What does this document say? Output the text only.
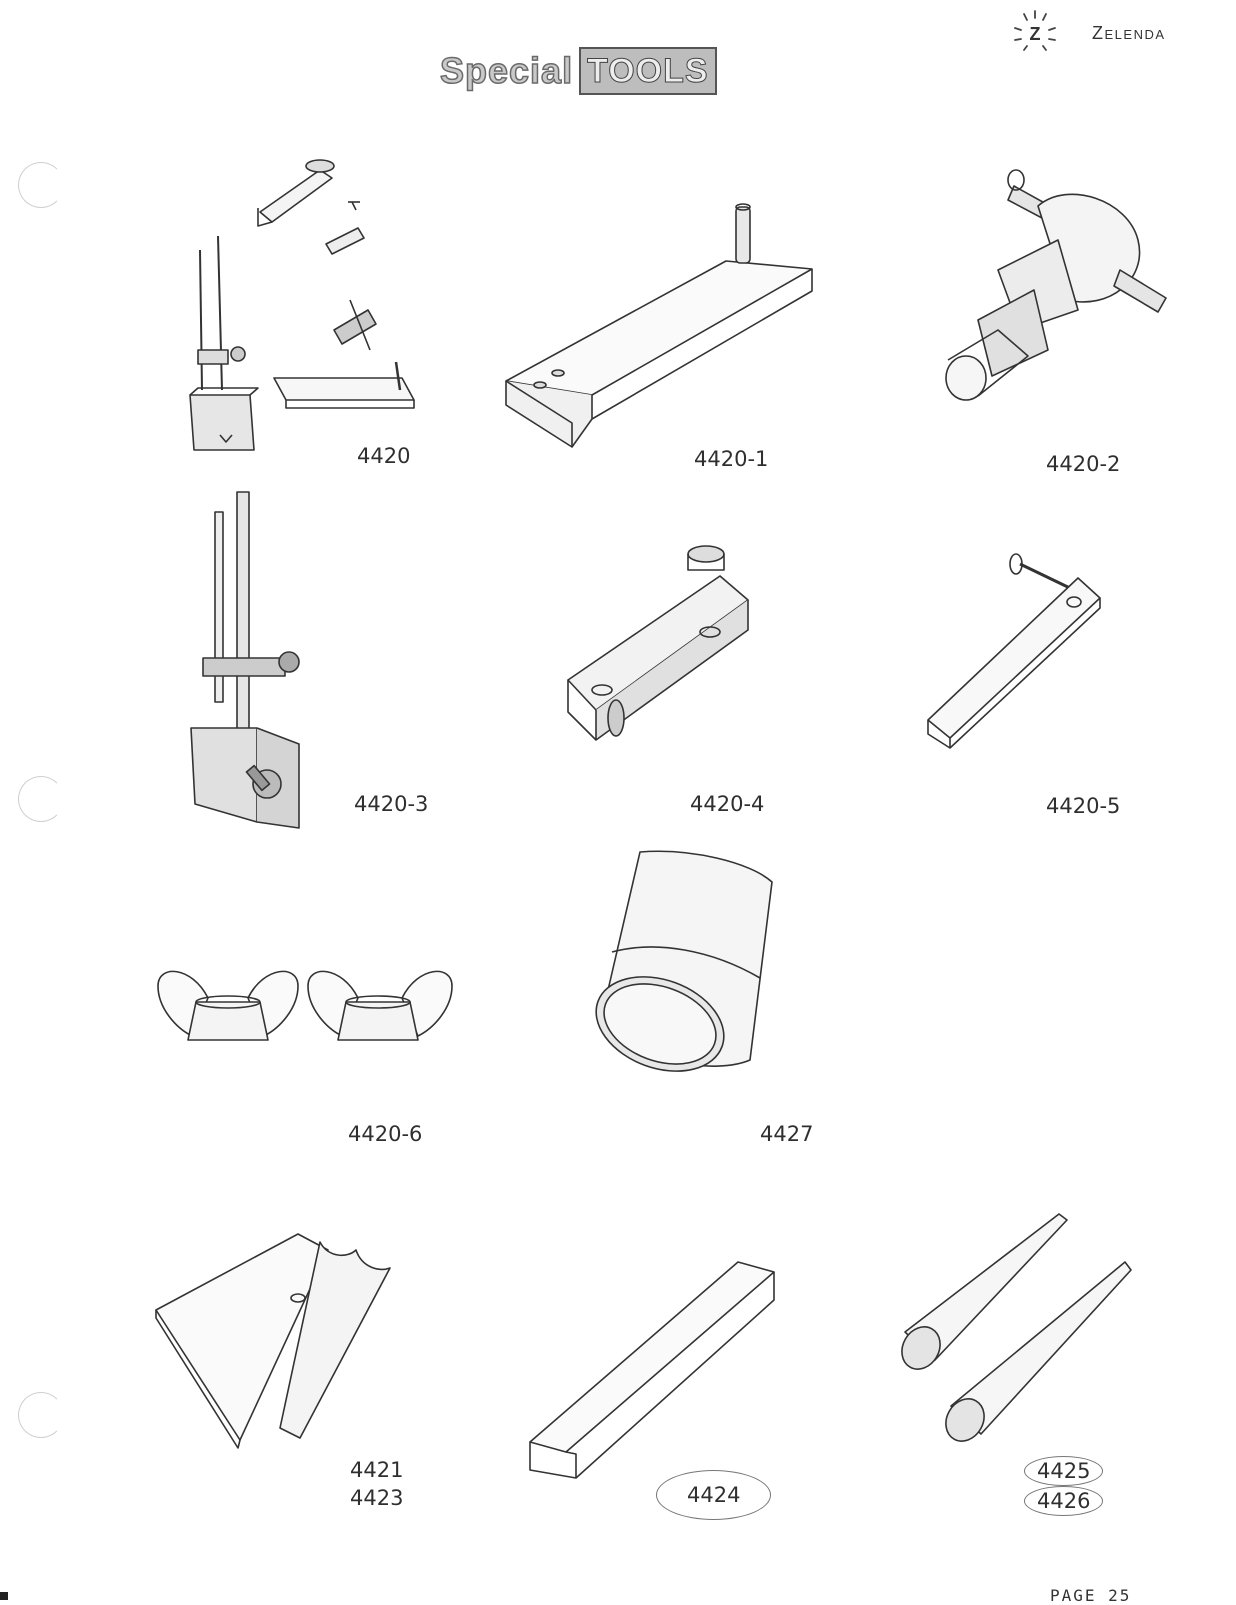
Special TOOLS
Z	Zelenda
4420	4420-1	4420-2
4420-3	4420-4	4420-5
4420-6	4427
4421
4423	4424
4425
4426
PAGE 25
